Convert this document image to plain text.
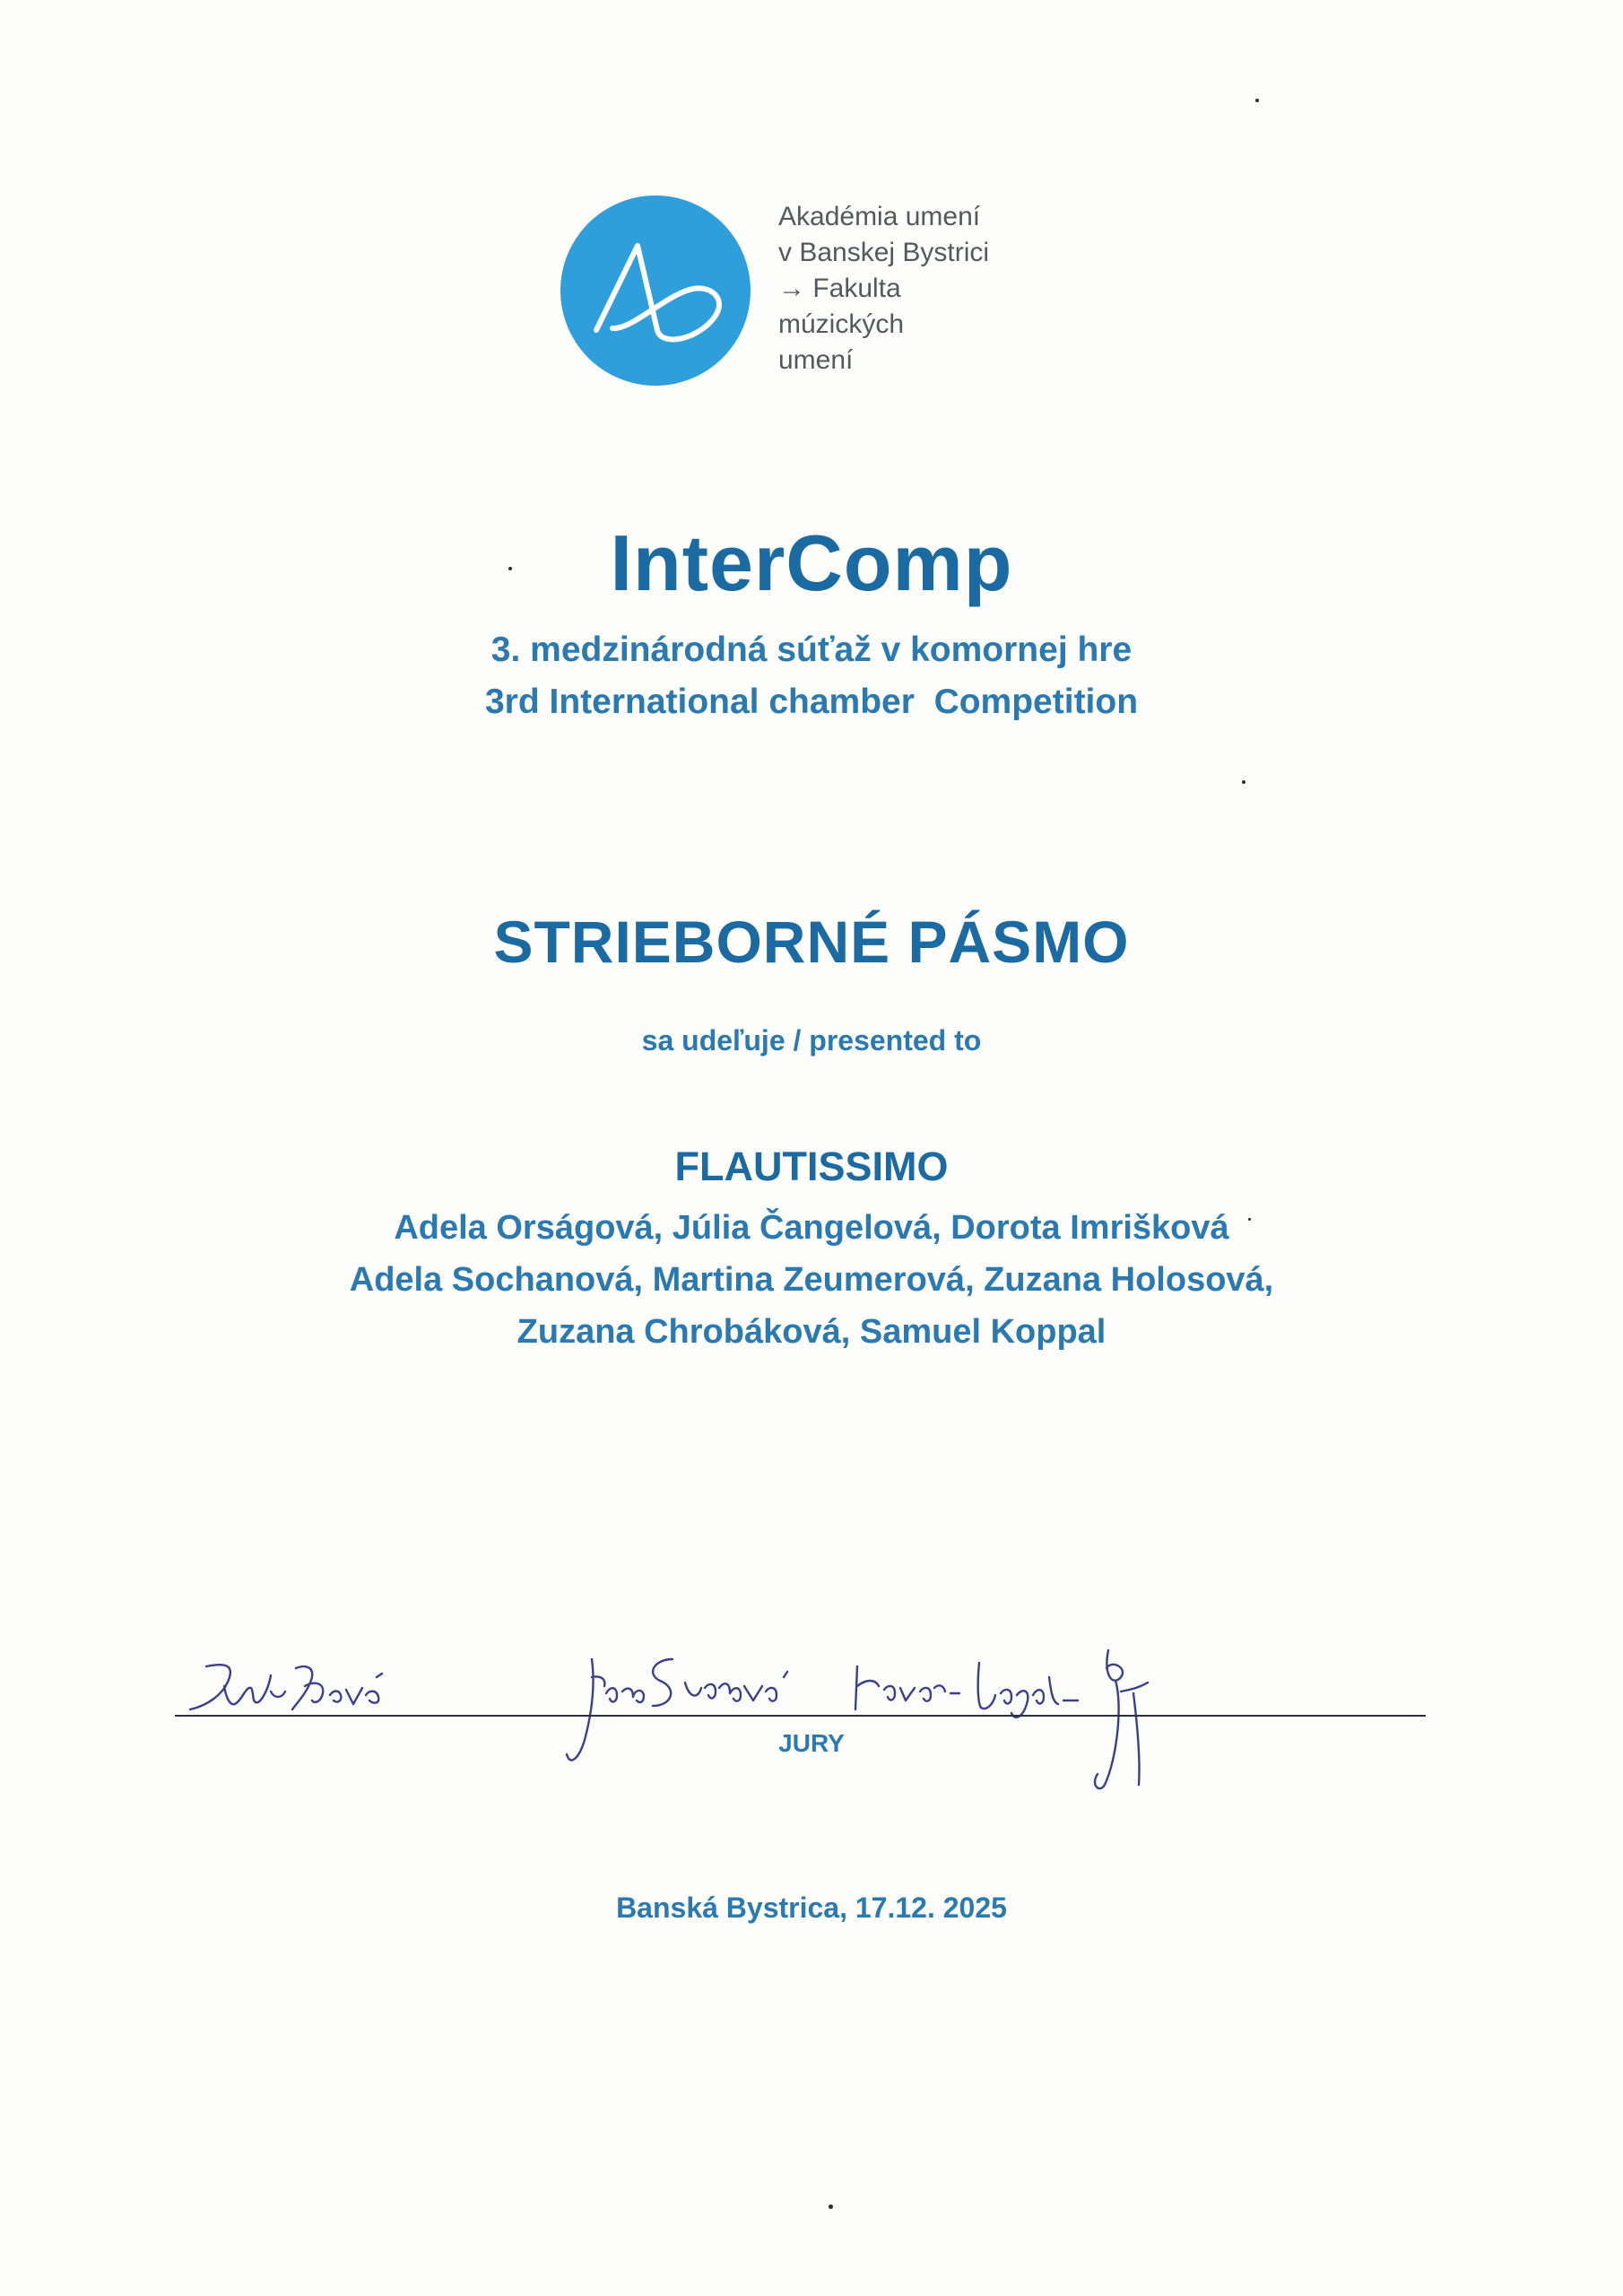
Akadémia umení
v Banskej Bystrici
→ Fakulta
múzických
umení
InterComp
3. medzinárodná súťaž v komornej hre
3rd International chamber  Competition
STRIEBORNÉ PÁSMO
sa udeľuje / presented to
FLAUTISSIMO
Adela Orságová, Júlia Čangelová, Dorota Imrišková
Adela Sochanová, Martina Zeumerová, Zuzana Holosová,
Zuzana Chrobáková, Samuel Koppal
JURY
Banská Bystrica, 17.12. 2025
